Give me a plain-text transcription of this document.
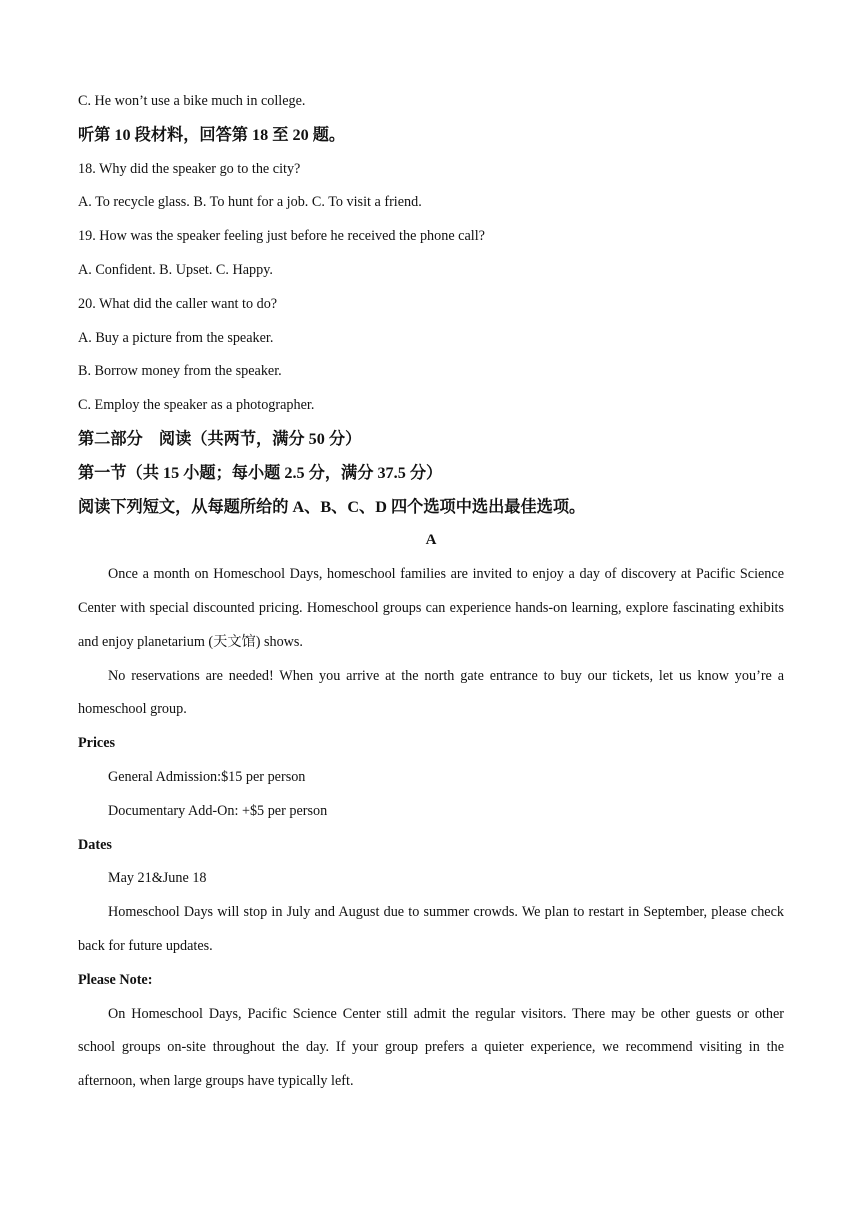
C. He won’t use a bike much in college.
听第 10 段材料，回答第 18 至 20 题。
18. Why did the speaker go to the city?
A. To recycle glass. B. To hunt for a job. C. To visit a friend.
19. How was the speaker feeling just before he received the phone call?
A. Confident. B. Upset. C. Happy.
20. What did the caller want to do?
A. Buy a picture from the speaker.
B. Borrow money from the speaker.
C. Employ the speaker as a photographer.
第二部分　阅读（共两节，满分 50 分）
第一节（共 15 小题；每小题 2.5 分，满分 37.5 分）
阅读下列短文，从每题所给的 A、B、C、D 四个选项中选出最佳选项。
A
Once a month on Homeschool Days, homeschool families are invited to enjoy a day of discovery at Pacific Science Center with special discounted pricing. Homeschool groups can experience hands-on learning, explore fascinating exhibits and enjoy planetarium (天文馆) shows.
No reservations are needed! When you arrive at the north gate entrance to buy our tickets, let us know you’re a homeschool group.
Prices
General Admission:$15 per person
Documentary Add-On: +$5 per person
Dates
May 21&June 18
Homeschool Days will stop in July and August due to summer crowds. We plan to restart in September, please check back for future updates.
Please Note:
On Homeschool Days, Pacific Science Center still admit the regular visitors. There may be other guests or other school groups on-site throughout the day. If your group prefers a quieter experience, we recommend visiting in the afternoon, when large groups have typically left.
